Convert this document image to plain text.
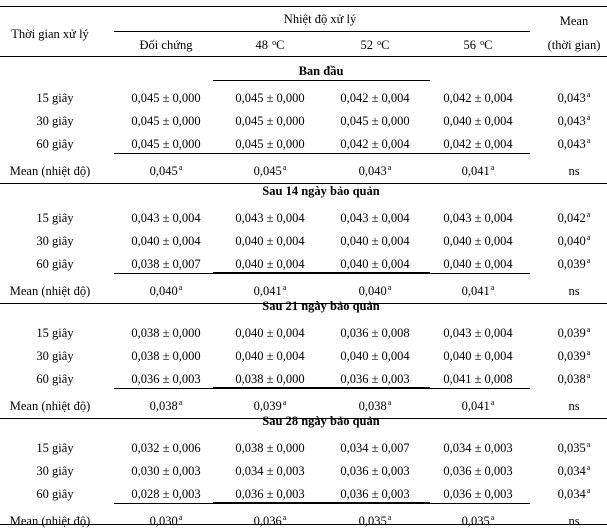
Thời gian xử lý
Nhiệt độ xử lý	Mean
(thời gian)
Đối chứng	48 $^o$C	52 $^o$C	56 $^o$C
Ban đầu
15 giây	0,045 ± 0,000	0,045 ± 0,000	0,042 ± 0,004	0,042 ± 0,004	0,043$^a$
30 giây	0,045 ± 0,000	0,045 ± 0,000	0,045 ± 0,000	0,040 ± 0,004	0,043$^a$
60 giây	0,045 ± 0,000	0,045 ± 0,000	0,042 ± 0,004	0,042 ± 0,004	0,043$^a$
Mean (nhiệt độ)	0,045$^a$	0,045$^a$	0,043$^a$	0,041$^a$	ns
Sau 14 ngày bảo quản
15 giây	0,043 ± 0,004	0,043 ± 0,004	0,043 ± 0,004	0,043 ± 0,004	0,042$^a$
30 giây	0,040 ± 0,004	0,040 ± 0,004	0,040 ± 0,004	0,040 ± 0,004	0,040$^a$
60 giây	0,038 ± 0,007	0,040 ± 0,004	0,040 ± 0,004	0,040 ± 0,004	0,039$^a$
Mean (nhiệt độ)	0,040$^a$	0,041$^a$	0,040$^a$	0,041$^a$	ns
Sau 21 ngày bảo quản
15 giây	0,038 ± 0,000	0,040 ± 0,004	0,036 ± 0,008	0,043 ± 0,004	0,039$^a$
30 giây	0,038 ± 0,000	0,040 ± 0,004	0,040 ± 0,004	0,040 ± 0,004	0,039$^a$
60 giây	0,036 ± 0,003	0,038 ± 0,000	0,036 ± 0,003	0,041 ± 0,008	0,038$^a$
Mean (nhiệt độ)	0,038$^a$	0,039$^a$	0,038$^a$	0,041$^a$	ns
Sau 28 ngày bảo quản
15 giây	0,032 ± 0,006	0,038 ± 0,000	0,034 ± 0,007	0,034 ± 0,003	0,035$^a$
30 giây	0,030 ± 0,003	0,034 ± 0,003	0,036 ± 0,003	0,036 ± 0,003	0,034$^a$
60 giây	0,028 ± 0,003	0,036 ± 0,003	0,036 ± 0,003	0,036 ± 0,003	0,034$^a$
Mean (nhiệt độ)	0,030$^a$	0,036$^a$	0,035$^a$	0,035$^a$	ns
